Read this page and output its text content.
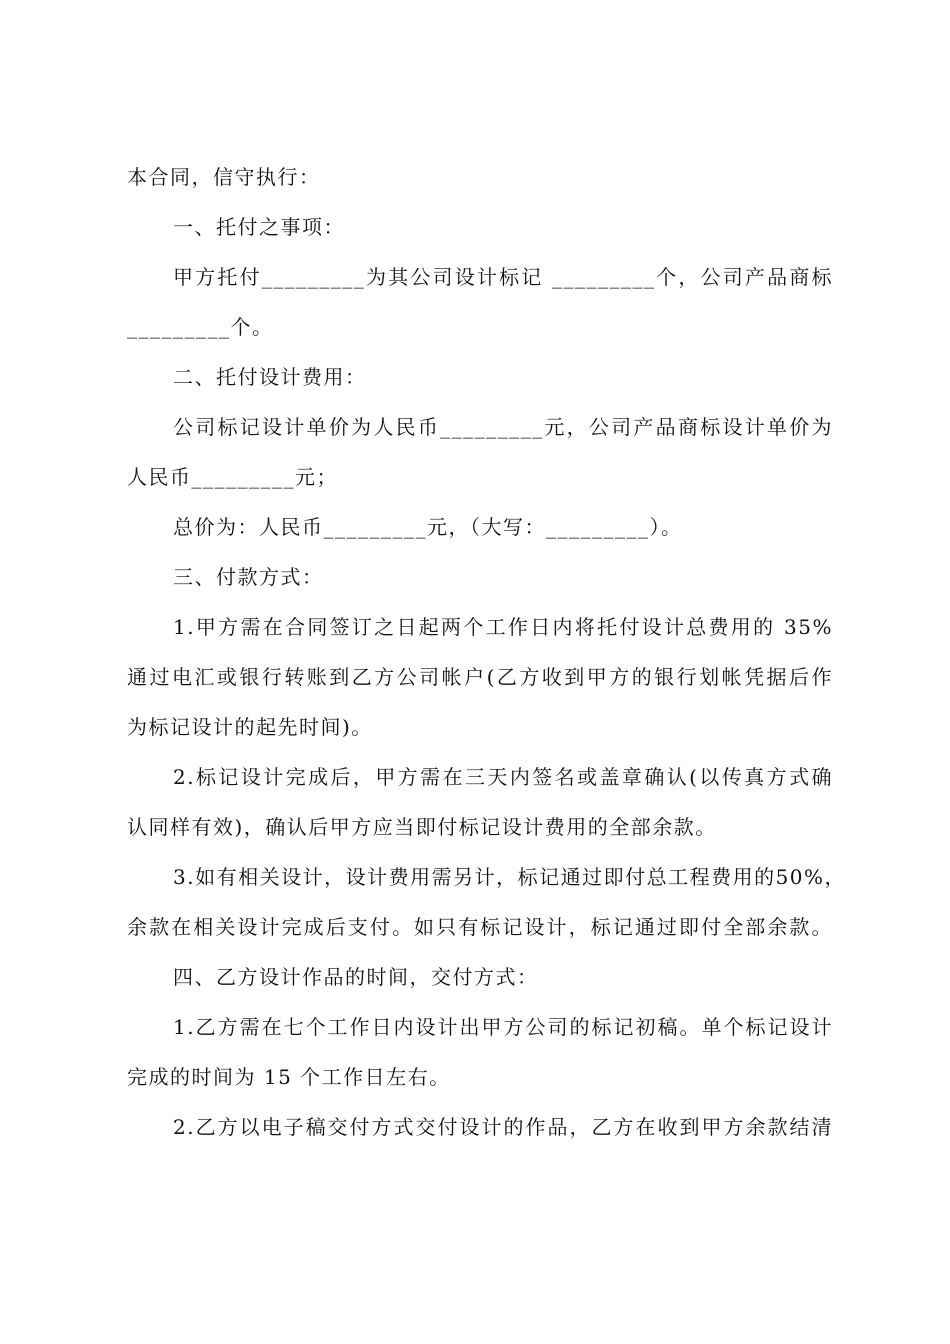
本合同，信守执行：
一、托付之事项：
甲方托付_________为其公司设计标记 _________个，公司产品商标
_________个。
二、托付设计费用：
公司标记设计单价为人民币_________元，公司产品商标设计单价为
人民币_________元；
总价为：人民币_________元，（大写：_________）。
三、付款方式：
1.甲方需在合同签订之日起两个工作日内将托付设计总费用的 35%
通过电汇或银行转账到乙方公司帐户(乙方收到甲方的银行划帐凭据后作
为标记设计的起先时间)。
2.标记设计完成后，甲方需在三天内签名或盖章确认(以传真方式确
认同样有效)，确认后甲方应当即付标记设计费用的全部余款。
3.如有相关设计，设计费用需另计，标记通过即付总工程费用的50%，
余款在相关设计完成后支付。如只有标记设计，标记通过即付全部余款。
四、乙方设计作品的时间，交付方式：
1.乙方需在七个工作日内设计出甲方公司的标记初稿。单个标记设计
完成的时间为 15 个工作日左右。
2.乙方以电子稿交付方式交付设计的作品，乙方在收到甲方余款结清
